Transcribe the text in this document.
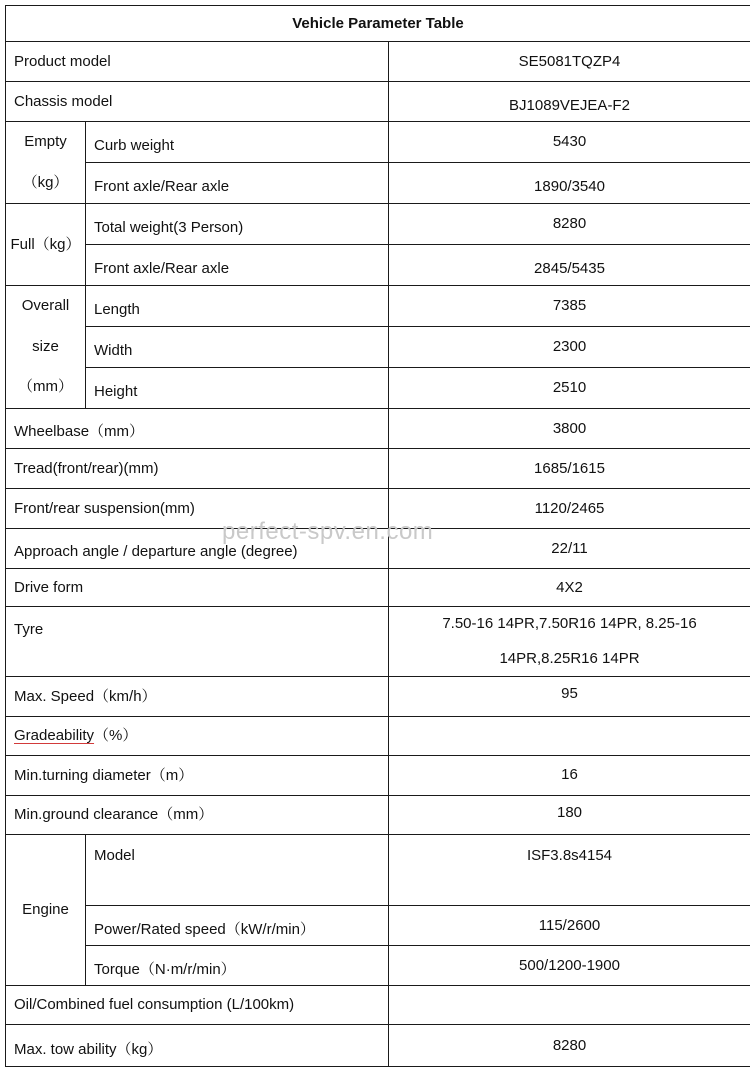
Vehicle Parameter Table		
Product model		SE5081TQZP4
Chassis model		BJ1089VEJEA-F2

Empty
（kg）	Curb weight	5430
	Front axle/Rear axle	1890/3540
Full（kg）	Total weight(3 Person)	8280
	Front axle/Rear axle	2845/5435

Overall
size
（mm）	Length	7385
	Width	2300
	Height	2510
Wheelbase（mm）		3800
Tread(front/rear)(mm)		1685/1615
Front/rear suspension(mm)		1120/2465
Approach angle / departure angle (degree)		22/11
Drive form		4X2
Tyre		7.50-16 14PR,7.50R16 14PR, 8.25-16
14PR,8.25R16 14PR

Max. Speed（km/h）		95
Gradeability（%）		
Min.turning diameter（m）		16
Min.ground clearance（mm）		180
Engine	Model	ISF3.8s4154
	Power/Rated speed（kW/r/min）	115/2600
	Torque（N·m/r/min）	500/1200-1900
Oil/Combined fuel consumption (L/100km)		
Max. tow ability（kg）		8280
perfect-spv.en.com
